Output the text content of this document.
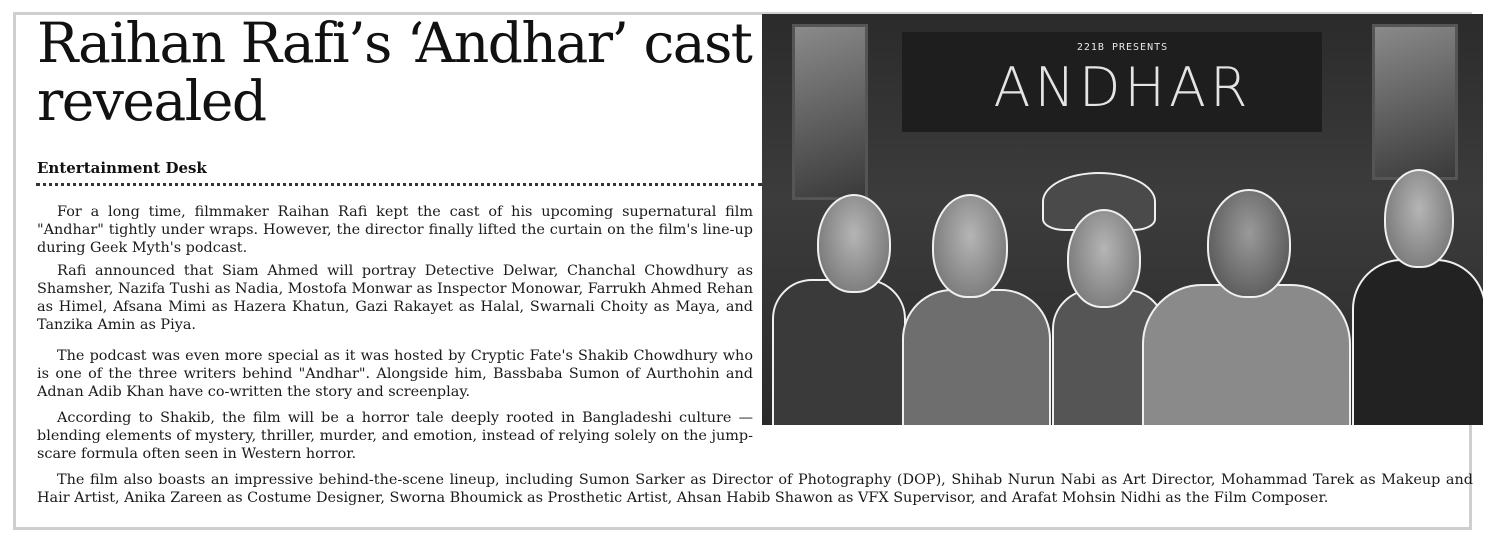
Raihan Rafi’s ‘Andhar’ cast revealed
Entertainment Desk

For a long time, filmmaker Raihan Rafi kept the cast of his upcoming supernatural film "Andhar" tightly under wraps. However, the director finally lifted the curtain on the film's line-up during Geek Myth's podcast.

Rafi announced that Siam Ahmed will portray Detective Delwar, Chanchal Chowdhury as Shamsher, Nazifa Tushi as Nadia, Mostofa Monwar as Inspector Monowar, Farrukh Ahmed Rehan as Himel, Afsana Mimi as Hazera Khatun, Gazi Rakayet as Halal, Swarnali Choity as Maya, and Tanzika Amin as Piya.

The podcast was even more special as it was hosted by Cryptic Fate's Shakib Chowdhury who is one of the three writers behind "Andhar". Alongside him, Bassbaba Sumon of Aurthohin and Adnan Adib Khan have co-written the story and screenplay.

According to Shakib, the film will be a horror tale deeply rooted in Bangladeshi culture — blending elements of mystery, thriller, murder, and emotion, instead of relying solely on the jump-scare formula often seen in Western horror.

The film also boasts an impressive behind-the-scene lineup, including Sumon Sarker as Director of Photography (DOP), Shihab Nurun Nabi as Art Director, Mohammad Tarek as Makeup and Hair Artist, Anika Zareen as Costume Designer, Sworna Bhoumick as Prosthetic Artist, Ahsan Habib Shawon as VFX Supervisor, and Arafat Mohsin Nidhi as the Film Composer.

221B PRESENTS
ANDHAR
